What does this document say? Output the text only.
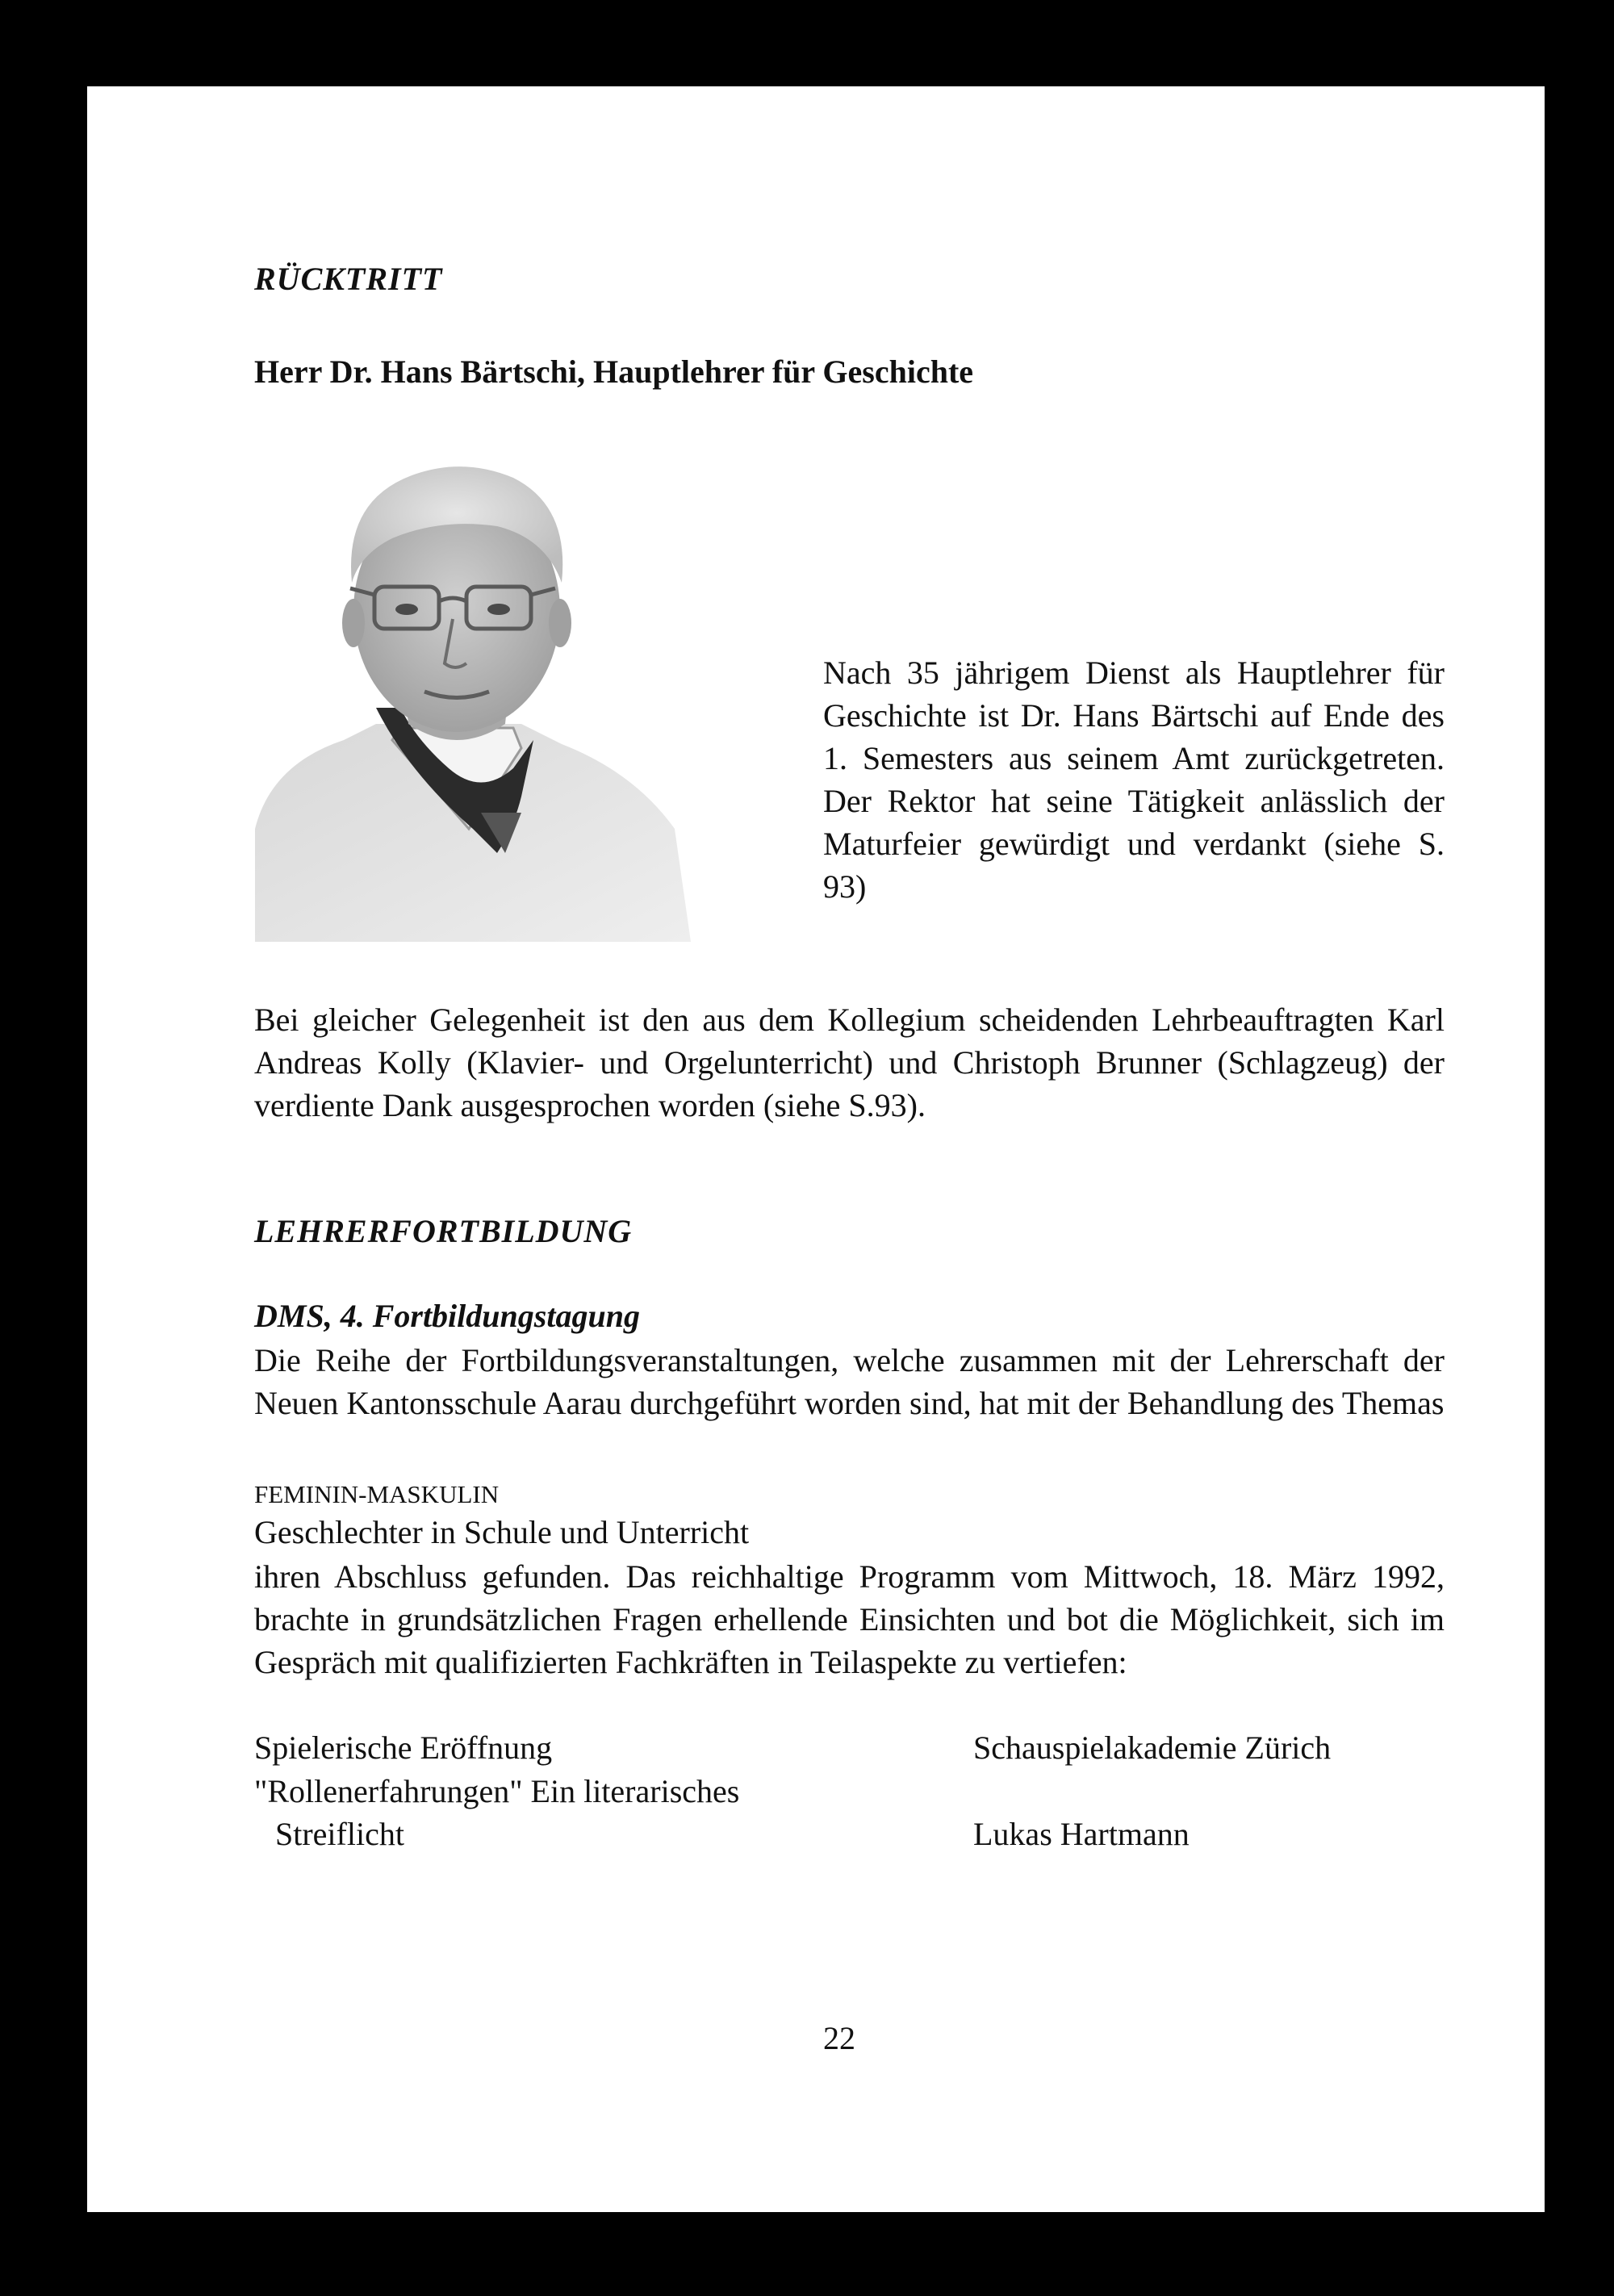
RÜCKTRITT
Herr Dr. Hans Bärtschi, Hauptlehrer für Geschichte
Nach 35 jährigem Dienst als Hauptlehrer für Geschichte ist Dr. Hans Bärtschi auf Ende des 1. Semesters aus seinem Amt zurückgetreten. Der Rektor hat seine Tätigkeit anlässlich der Maturfeier gewürdigt und verdankt (siehe S. 93)
Bei gleicher Gelegenheit ist den aus dem Kollegium scheidenden Lehrbeauftragten Karl Andreas Kolly (Klavier- und Orgelunterricht) und Christoph Brunner (Schlagzeug) der verdiente Dank ausgesprochen worden (siehe S.93).
LEHRERFORTBILDUNG
DMS, 4. Fortbildungstagung
Die Reihe der Fortbildungsveranstaltungen, welche zusammen mit der Lehrerschaft der Neuen Kantonsschule Aarau durchgeführt worden sind, hat mit der Behandlung des Themas
FEMININ-MASKULIN
Geschlechter in Schule und Unterricht
ihren Abschluss gefunden. Das reichhaltige Programm vom Mittwoch, 18. März 1992, brachte in grundsätzlichen Fragen erhellende Einsichten und bot die Möglichkeit, sich im Gespräch mit qualifizierten Fachkräften in Teilaspekte zu vertiefen:
Spielerische Eröffnung	Schauspielakademie Zürich
"Rollenerfahrungen" Ein literarisches
Streiflicht	Lukas Hartmann
22
